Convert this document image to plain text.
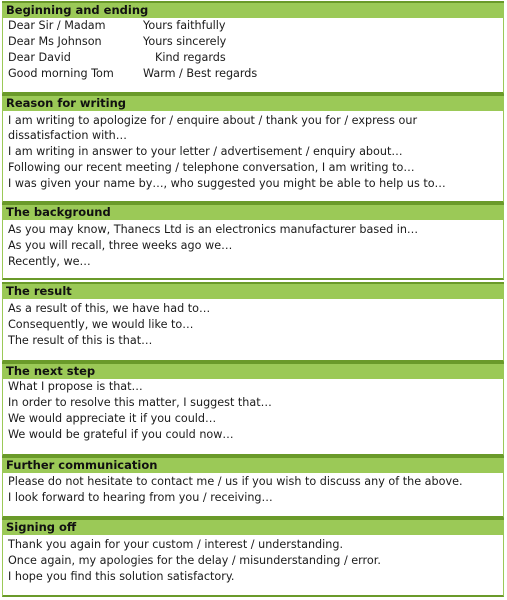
Beginning and ending
Dear Sir / Madam	Yours faithfully
Dear Ms Johnson	Yours sincerely
Dear David	Kind regards
Good morning Tom	Warm / Best regards
Reason for writing
I am writing to apologize for / enquire about / thank you for / express our
dissatisfaction with…
I am writing in answer to your letter / advertisement / enquiry about…
Following our recent meeting / telephone conversation, I am writing to…
I was given your name by…, who suggested you might be able to help us to…
The background
As you may know, Thanecs Ltd is an electronics manufacturer based in…
As you will recall, three weeks ago we…
Recently, we…
The result
As a result of this, we have had to…
Consequently, we would like to…
The result of this is that…
The next step
What I propose is that…
In order to resolve this matter, I suggest that…
We would appreciate it if you could…
We would be grateful if you could now…
Further communication
Please do not hesitate to contact me / us if you wish to discuss any of the above.
I look forward to hearing from you / receiving…
Signing off
Thank you again for your custom / interest / understanding.
Once again, my apologies for the delay / misunderstanding / error.
I hope you find this solution satisfactory.
